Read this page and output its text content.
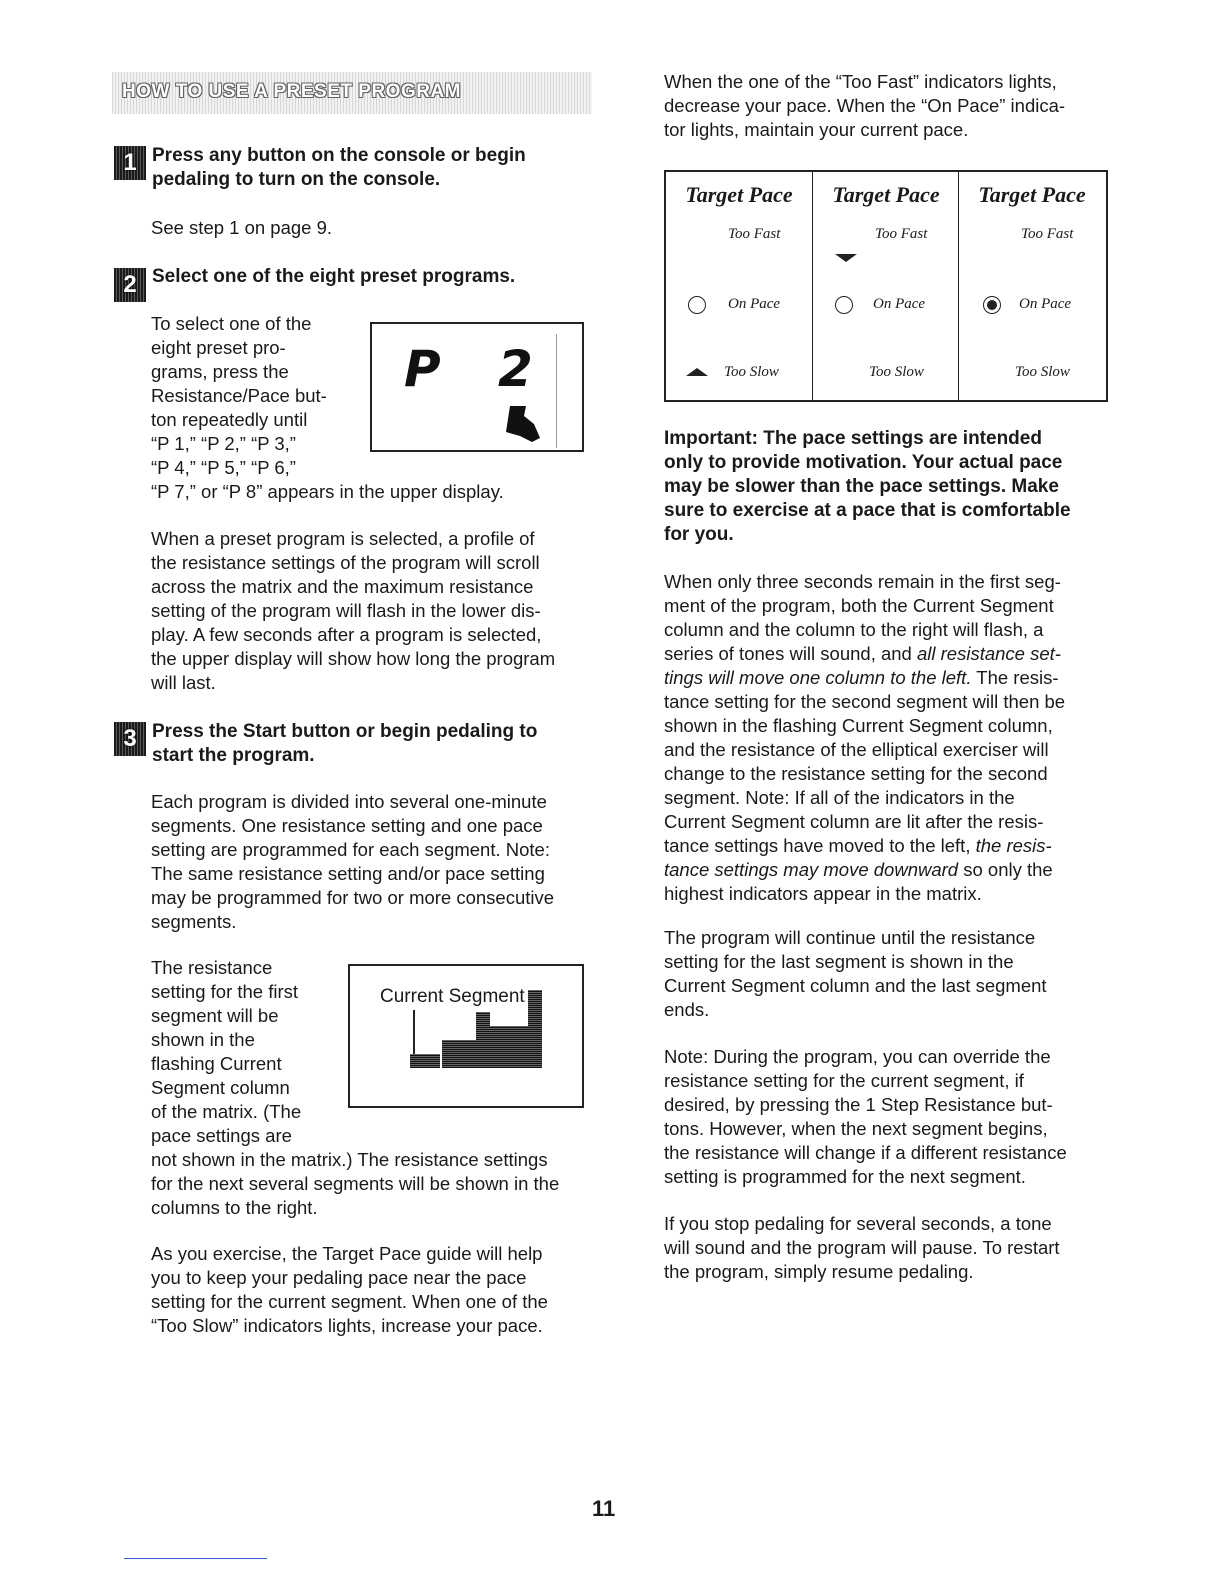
HOW TO USE A PRESET PROGRAM
1 Press any button on the console or begin
pedaling to turn on the console.

See step 1 on page 9.

2 Select one of the eight preset programs.

To select one of the

eight preset pro-

grams, press the

Resistance/Pace but-

ton repeatedly until

“P 1,” “P 2,” “P 3,”

“P 4,” “P 5,” “P 6,”

“P 7,” or “P 8” appears in the upper display.

P 2

When a preset program is selected, a profile of

the resistance settings of the program will scroll

across the matrix and the maximum resistance

setting of the program will flash in the lower dis-

play. A few seconds after a program is selected,

the upper display will show how long the program

will last.

3 Press the Start button or begin pedaling to
start the program.

Each program is divided into several one-minute

segments. One resistance setting and one pace

setting are programmed for each segment. Note:

The same resistance setting and/or pace setting

may be programmed for two or more consecutive

segments.

The resistance

setting for the first

segment will be

shown in the

flashing Current

Segment column

of the matrix. (The

pace settings are

not shown in the matrix.) The resistance settings

for the next several segments will be shown in the

columns to the right.

Current Segment

As you exercise, the Target Pace guide will help

you to keep your pedaling pace near the pace

setting for the current segment. When one of the

“Too Slow” indicators lights, increase your pace.

When the one of the “Too Fast” indicators lights,

decrease your pace. When the “On Pace” indica-

tor lights, maintain your current pace.

Target Pace
Too Fast
On Pace
Too Slow
Target Pace
Too Fast
On Pace
Too Slow
Target Pace
Too Fast
On Pace
Too Slow

Important: The pace settings are intended

only to provide motivation. Your actual pace

may be slower than the pace settings. Make

sure to exercise at a pace that is comfortable

for you.

When only three seconds remain in the first seg-

ment of the program, both the Current Segment

column and the column to the right will flash, a

series of tones will sound, and all resistance set-

tings will move one column to the left. The resis-

tance setting for the second segment will then be

shown in the flashing Current Segment column,

and the resistance of the elliptical exerciser will

change to the resistance setting for the second

segment. Note: If all of the indicators in the

Current Segment column are lit after the resis-

tance settings have moved to the left, the resis-

tance settings may move downward so only the

highest indicators appear in the matrix.

The program will continue until the resistance

setting for the last segment is shown in the

Current Segment column and the last segment

ends.

Note: During the program, you can override the

resistance setting for the current segment, if

desired, by pressing the 1 Step Resistance but-

tons. However, when the next segment begins,

the resistance will change if a different resistance

setting is programmed for the next segment.

If you stop pedaling for several seconds, a tone

will sound and the program will pause. To restart

the program, simply resume pedaling.

11
